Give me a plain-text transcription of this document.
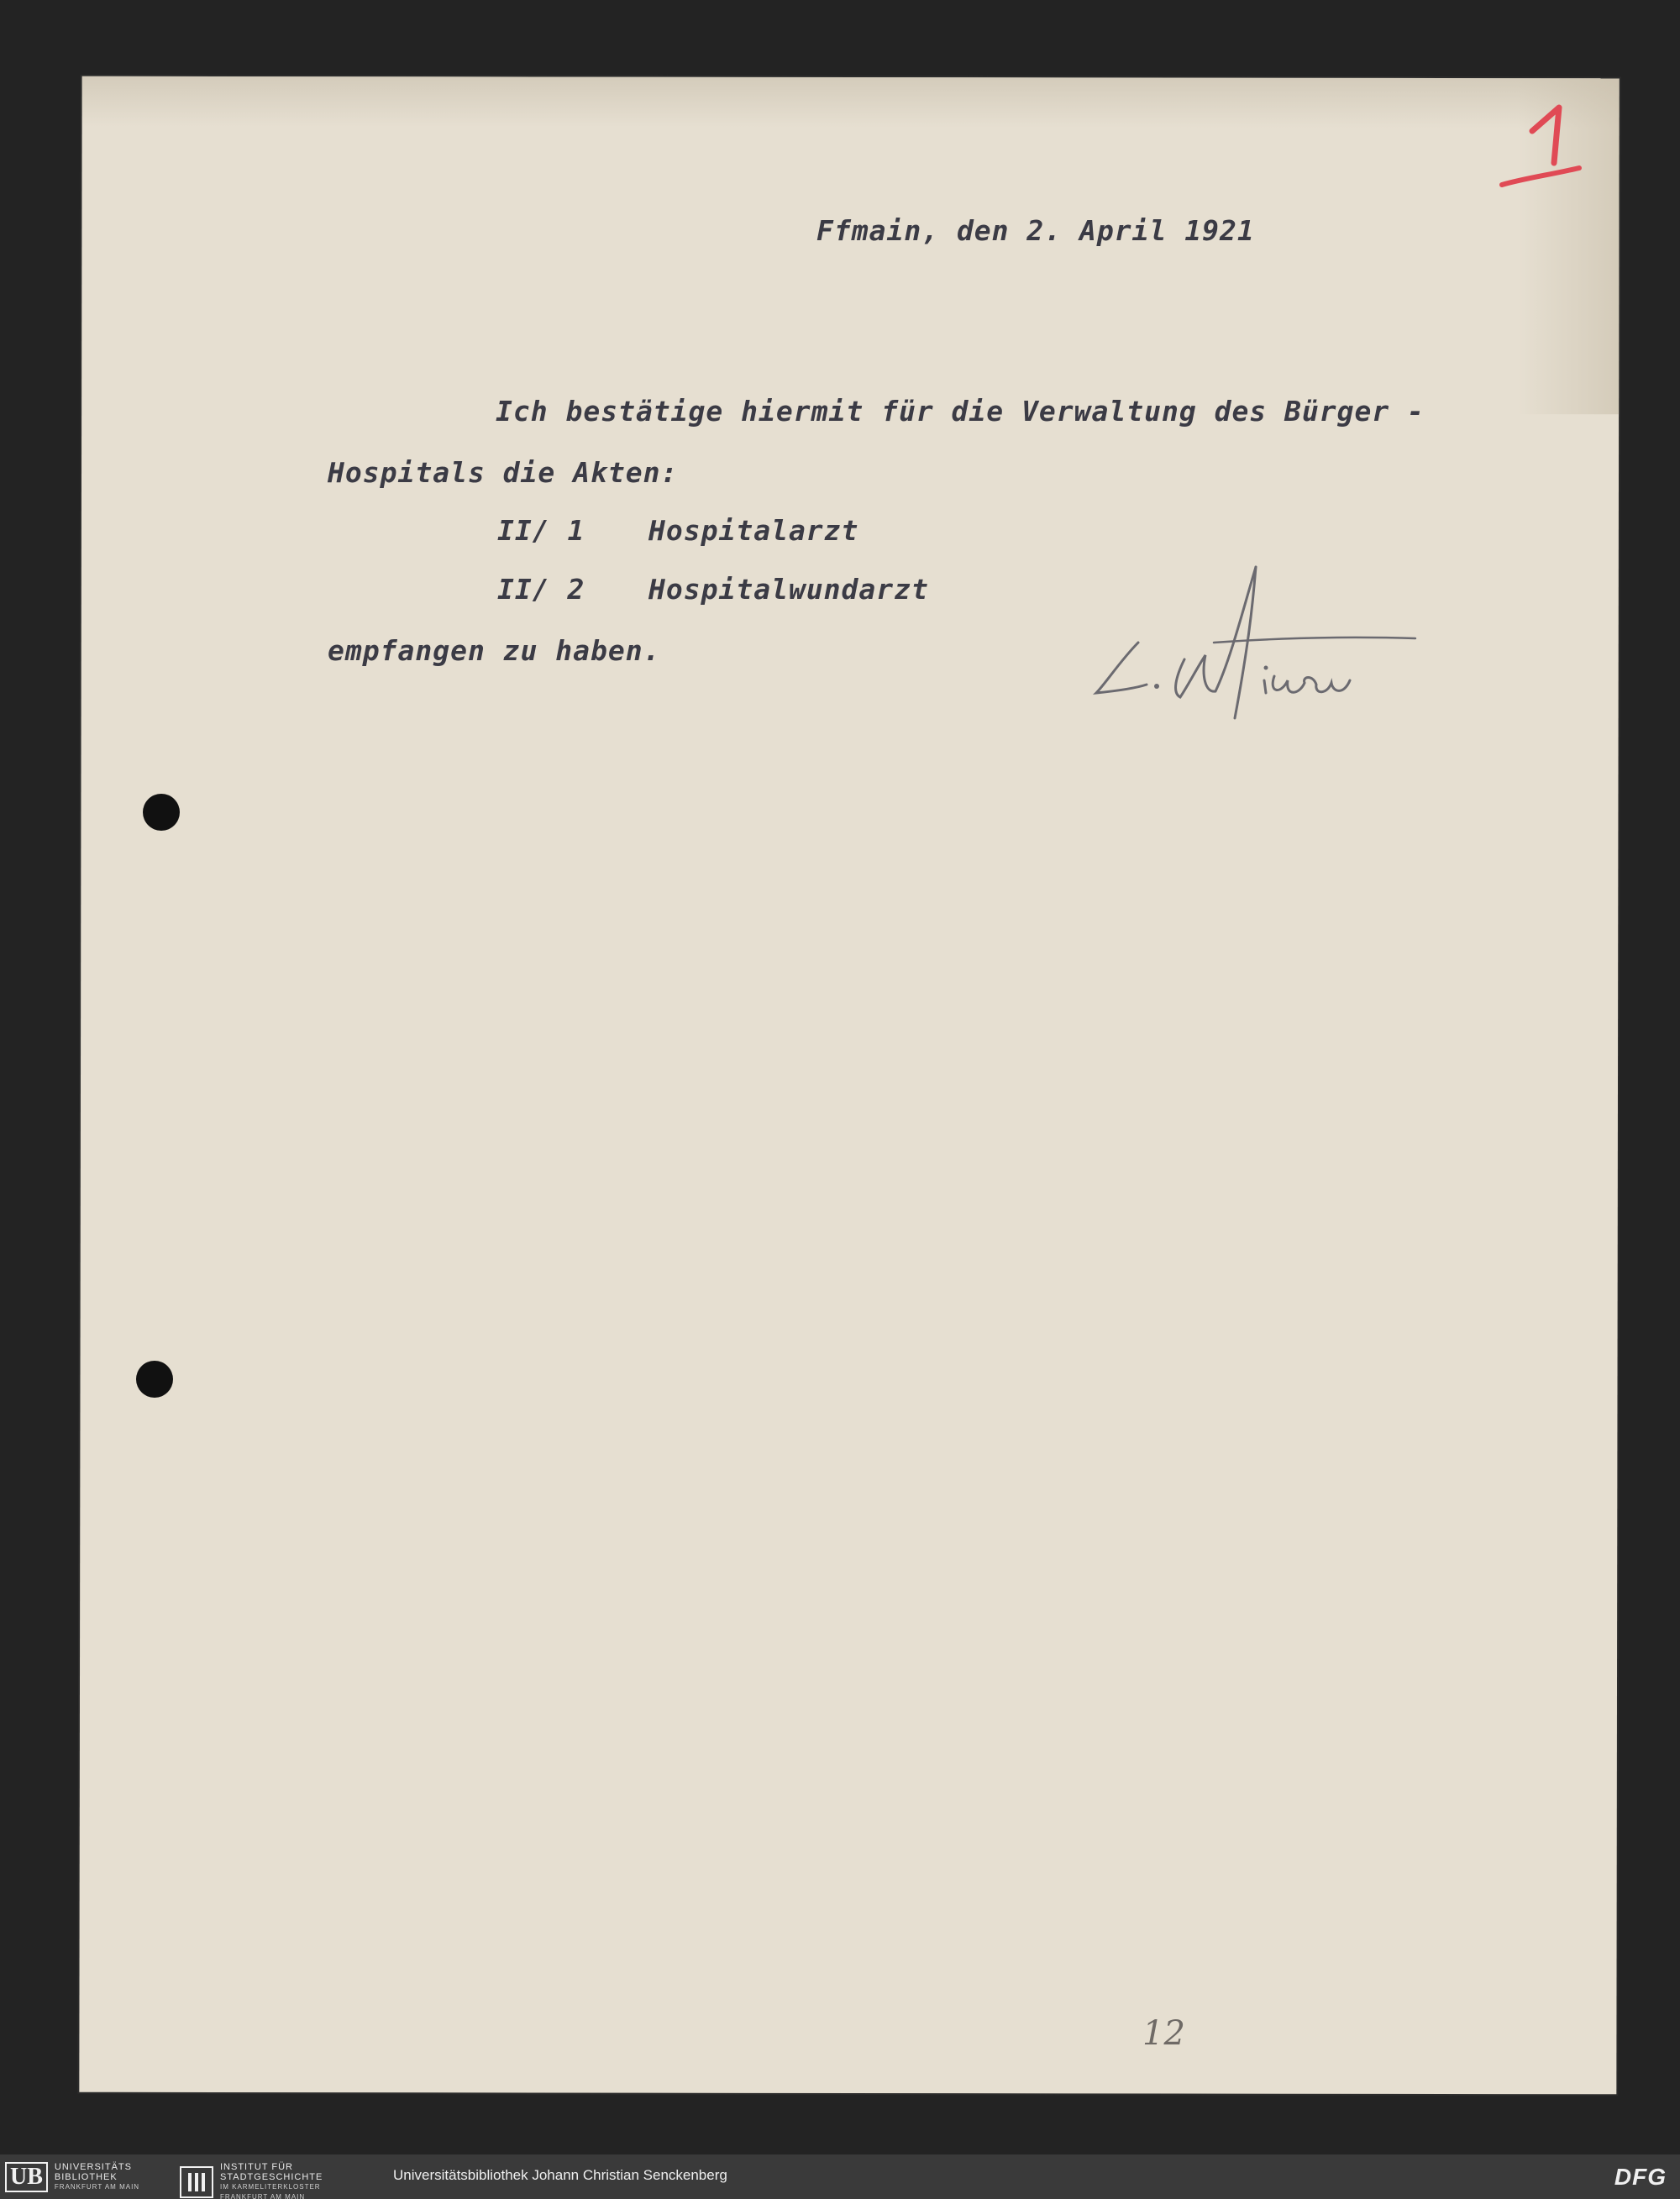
Ffmain, den 2. April 1921
Ich bestätige hiermit für die Verwaltung des Bürger -
Hospitals die Akten:
II/ 1 Hospitalarzt
II/ 2 Hospitalwundarzt
empfangen zu haben.
12
UB	UNIVERSITÄTS
BIBLIOTHEK
FRANKFURT AM MAIN
INSTITUT FÜR
STADTGESCHICHTE
IM KARMELITERKLOSTER
FRANKFURT AM MAIN
Universitätsbibliothek Johann Christian Senckenberg	DFG
